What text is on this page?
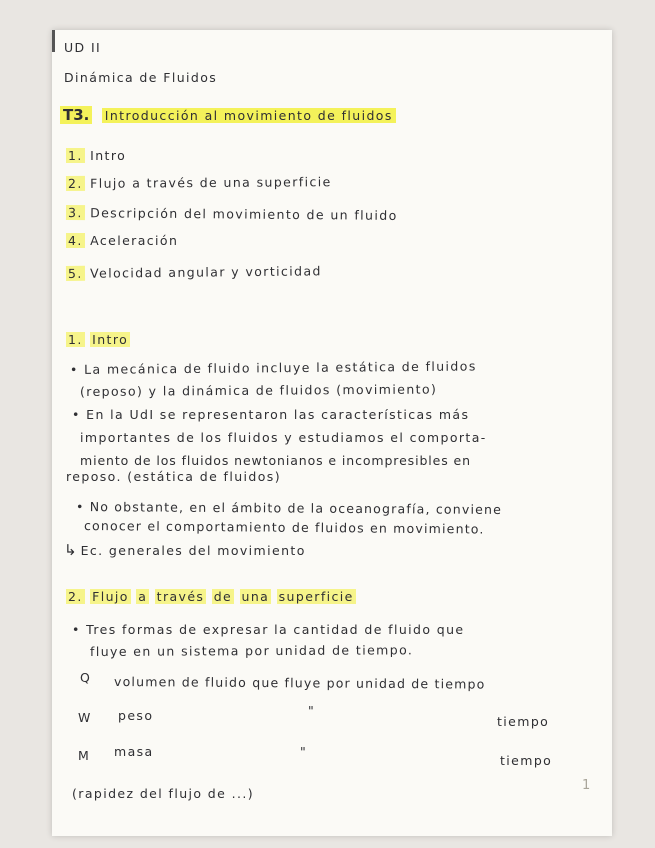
UD II
Dinámica de Fluidos
T3. Introducción al movimiento de fluidos
1. Intro
2. Flujo a través de una superficie
3. Descripción del movimiento de un fluido
4. Aceleración
5. Velocidad angular y vorticidad
1. Intro
• La mecánica de fluido incluye la estática de fluidos
(reposo) y la dinámica de fluidos (movimiento)
• En la UdI se representaron las características más
importantes de los fluidos y estudiamos el comporta-
miento de los fluidos newtonianos e incompresibles en
reposo. (estática de fluidos)
• No obstante, en el ámbito de la oceanografía, conviene
conocer el comportamiento de fluidos en movimiento.
↳ Ec. generales del movimiento
2. Flujo a través de una superficie
• Tres formas de expresar la cantidad de fluido que
fluye en un sistema por unidad de tiempo.
Q volumen de fluido que fluye por unidad de tiempo
W peso	"
tiempo
M masa	"
tiempo
(rapidez del flujo de ...)
1
